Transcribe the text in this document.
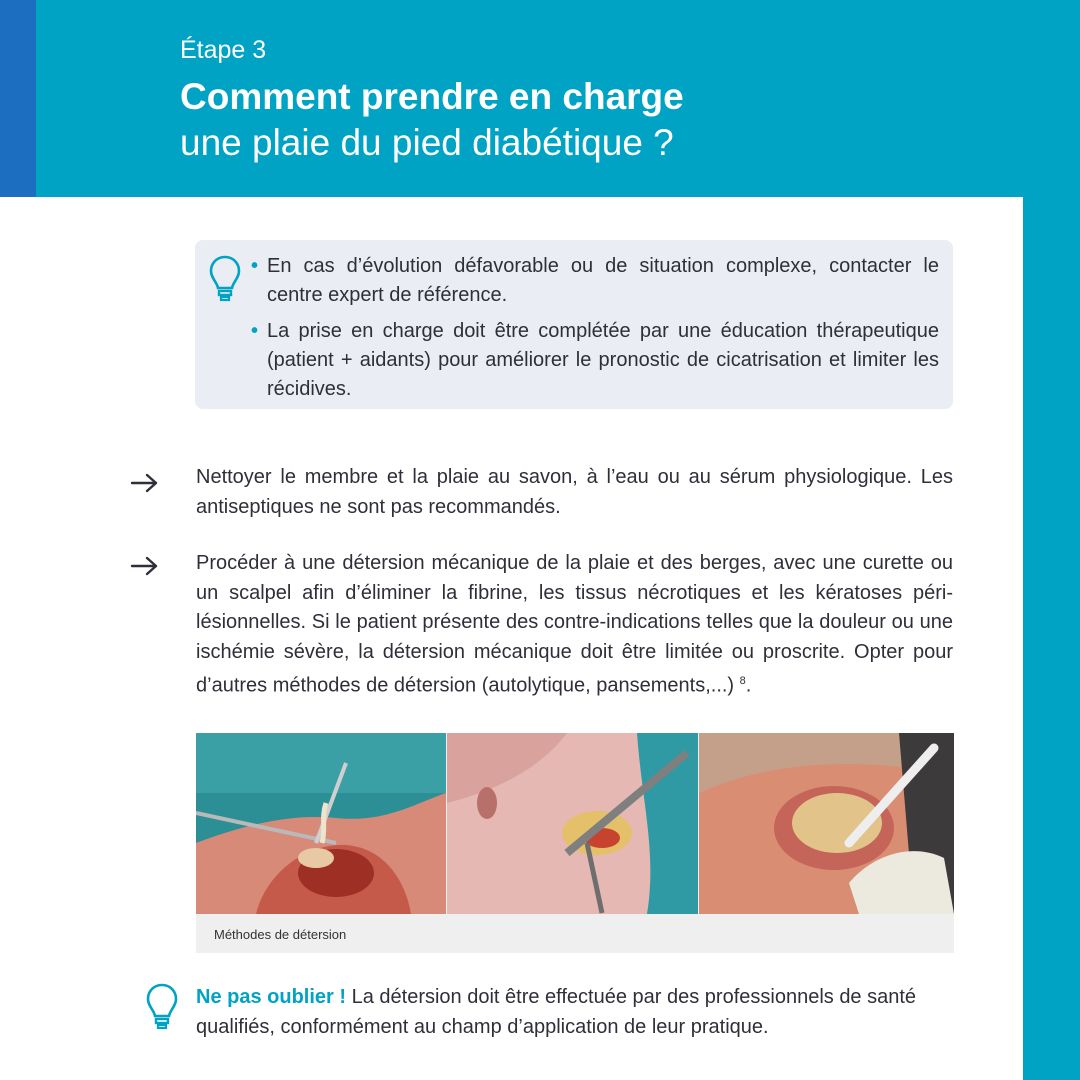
Étape 3
Comment prendre en charge
une plaie du pied diabétique ?
• En cas d’évolution défavorable ou de situation complexe, contacter le centre expert de référence.
• La prise en charge doit être complétée par une éducation thérapeutique (patient + aidants) pour améliorer le pronostic de cicatrisation et limiter les récidives.
Nettoyer le membre et la plaie au savon, à l’eau ou au sérum physiologique. Les antiseptiques ne sont pas recommandés.
Procéder à une détersion mécanique de la plaie et des berges, avec une curette ou un scalpel afin d’éliminer la fibrine, les tissus nécrotiques et les kératoses péri-lésionnelles. Si le patient présente des contre-indications telles que la douleur ou une ischémie sévère, la détersion mécanique doit être limitée ou proscrite. Opter pour d’autres méthodes de détersion (autolytique, pansements,...) $^8$.
Méthodes de détersion
Ne pas oublier ! La détersion doit être effectuée par des professionnels de santé qualifiés, conformément au champ d’application de leur pratique.
